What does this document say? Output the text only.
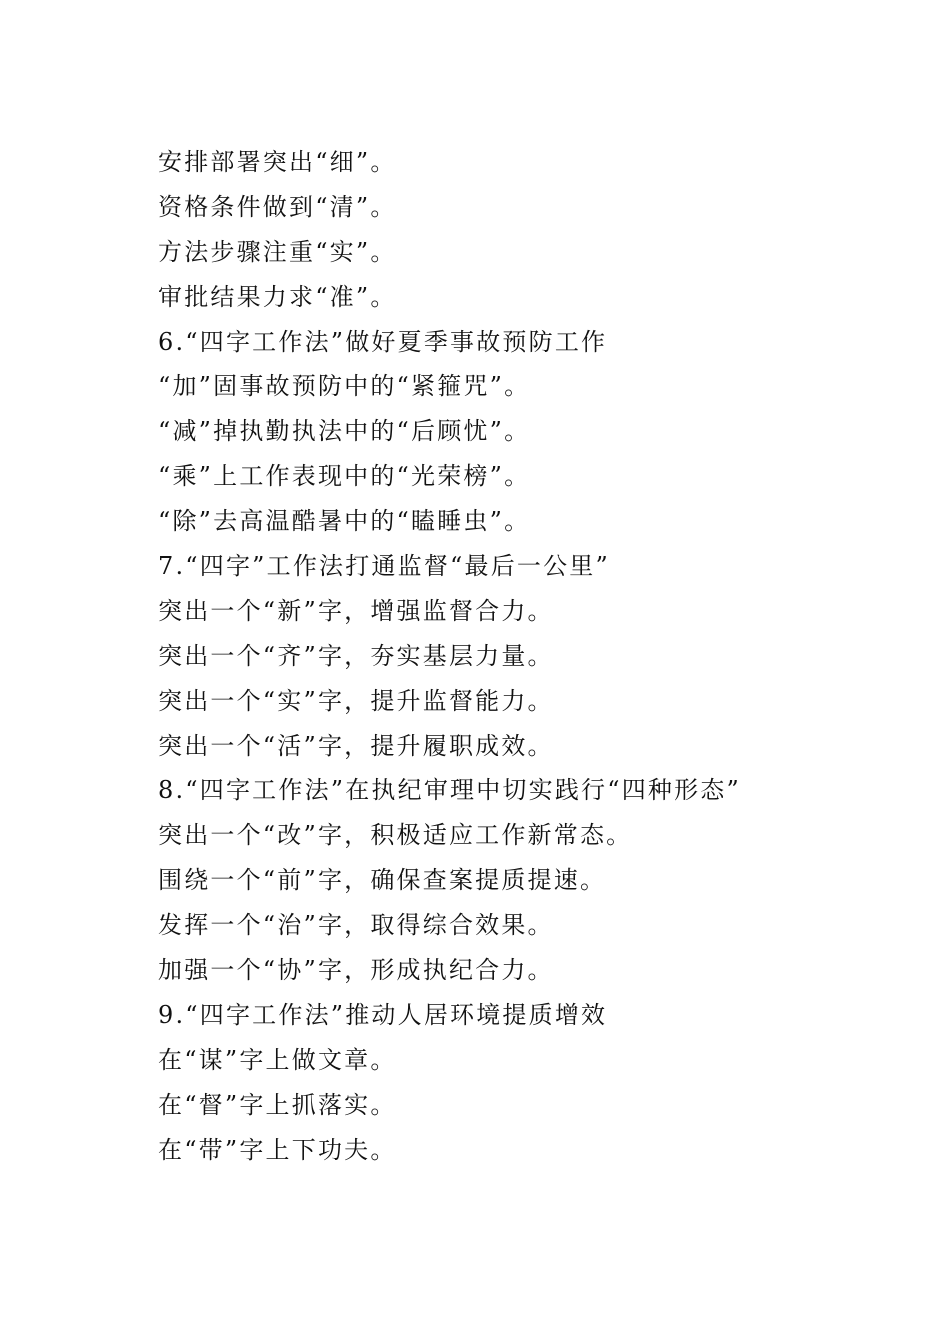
安排部署突出“细”。
资格条件做到“清”。
方法步骤注重“实”。
审批结果力求“准”。
6.“四字工作法”做好夏季事故预防工作
“加”固事故预防中的“紧箍咒”。
“减”掉执勤执法中的“后顾忧”。
“乘”上工作表现中的“光荣榜”。
“除”去高温酷暑中的“瞌睡虫”。
7.“四字”工作法打通监督“最后一公里”
突出一个“新”字，增强监督合力。
突出一个“齐”字，夯实基层力量。
突出一个“实”字，提升监督能力。
突出一个“活”字，提升履职成效。
8.“四字工作法”在执纪审理中切实践行“四种形态”
突出一个“改”字，积极适应工作新常态。
围绕一个“前”字，确保查案提质提速。
发挥一个“治”字，取得综合效果。
加强一个“协”字，形成执纪合力。
9.“四字工作法”推动人居环境提质增效
在“谋”字上做文章。
在“督”字上抓落实。
在“带”字上下功夫。
